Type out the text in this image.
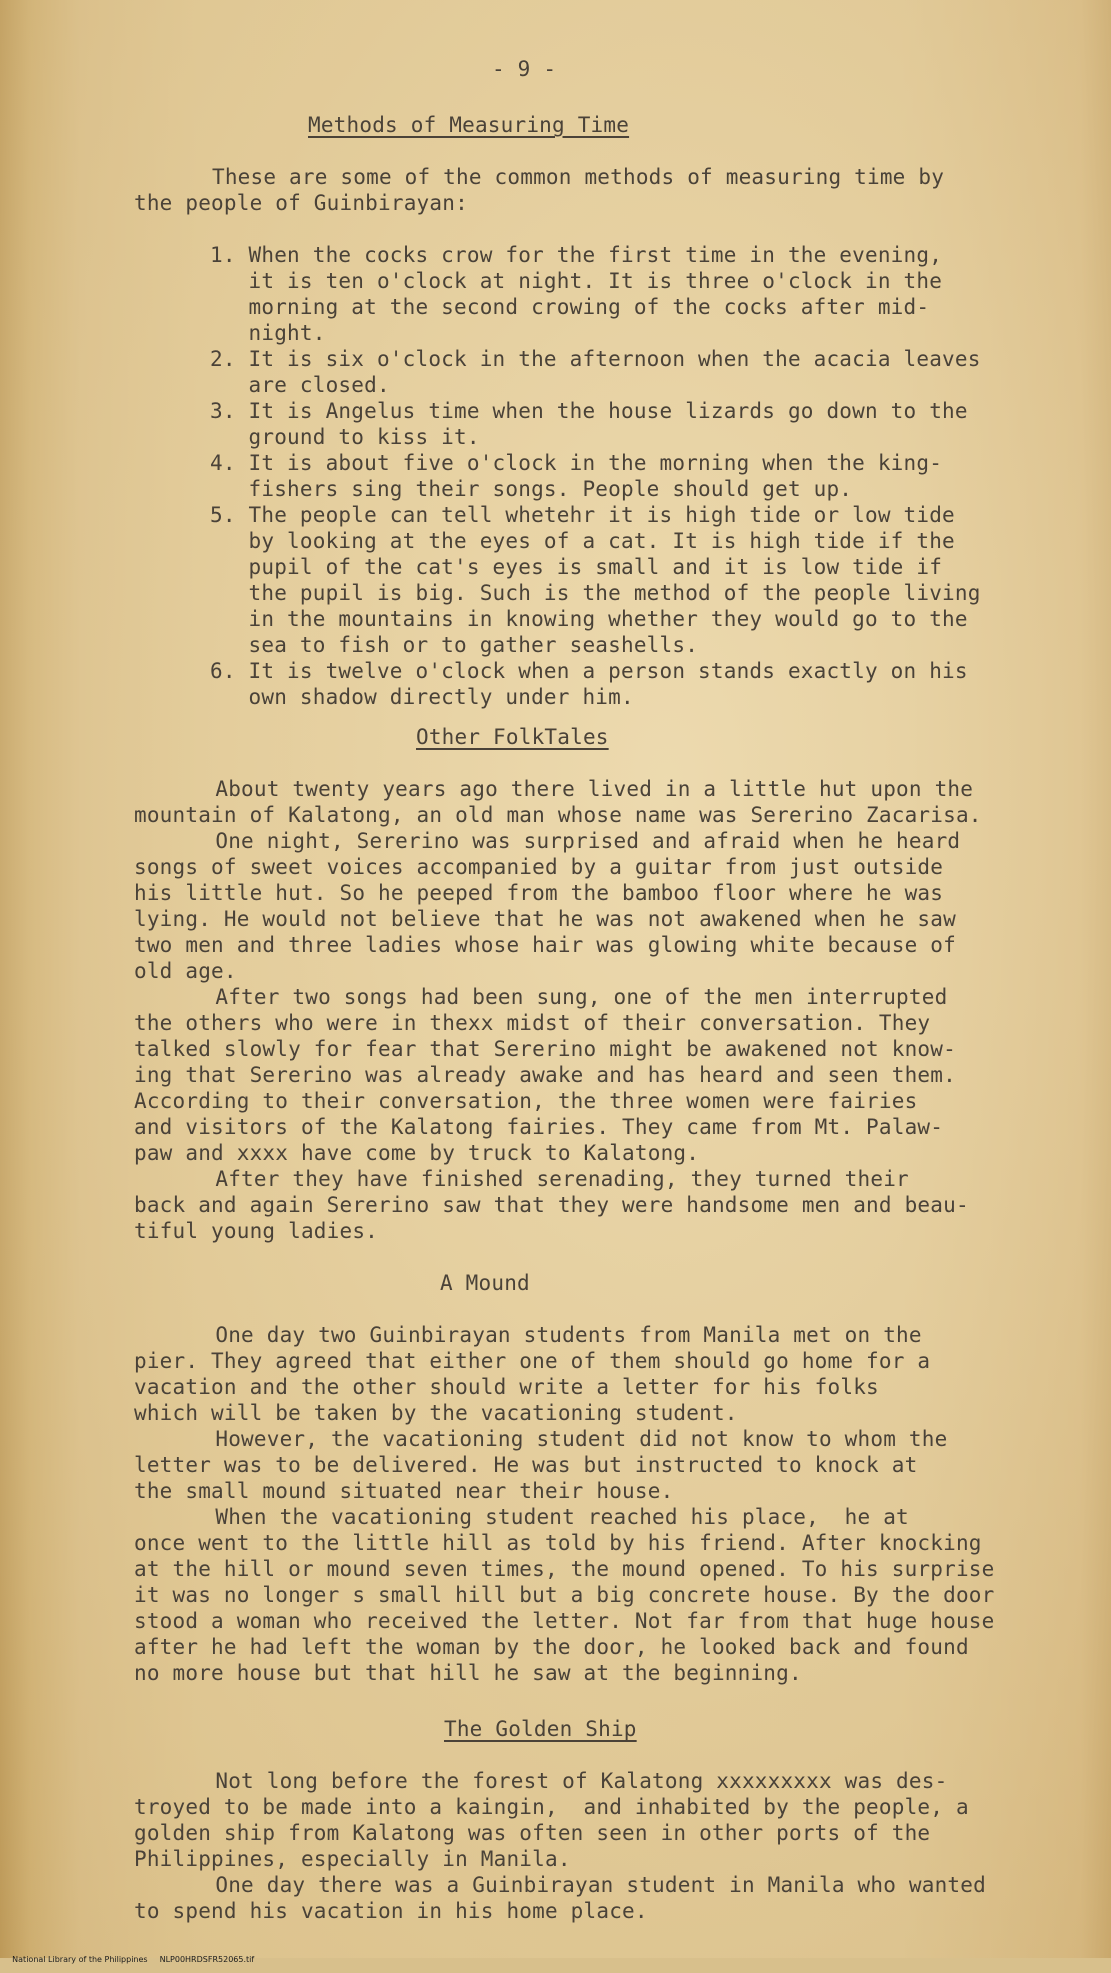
- 9 -
Methods of Measuring Time
These are some of the common methods of measuring time by
the people of Guinbirayan:
1. When the cocks crow for the first time in the evening,
it is ten o'clock at night. It is three o'clock in the
morning at the second crowing of the cocks after mid-
night.
2. It is six o'clock in the afternoon when the acacia leaves
are closed.
3. It is Angelus time when the house lizards go down to the
ground to kiss it.
4. It is about five o'clock in the morning when the king-
fishers sing their songs. People should get up.
5. The people can tell whetehr it is high tide or low tide
by looking at the eyes of a cat. It is high tide if the
pupil of the cat's eyes is small and it is low tide if
the pupil is big. Such is the method of the people living
in the mountains in knowing whether they would go to the
sea to fish or to gather seashells.
6. It is twelve o'clock when a person stands exactly on his
own shadow directly under him.
Other FolkTales
About twenty years ago there lived in a little hut upon the
mountain of Kalatong, an old man whose name was Sererino Zacarisa.
One night, Sererino was surprised and afraid when he heard
songs of sweet voices accompanied by a guitar from just outside
his little hut. So he peeped from the bamboo floor where he was
lying. He would not believe that he was not awakened when he saw
two men and three ladies whose hair was glowing white because of
old age.
After two songs had been sung, one of the men interrupted
the others who were in thexx midst of their conversation. They
talked slowly for fear that Sererino might be awakened not know-
ing that Sererino was already awake and has heard and seen them.
According to their conversation, the three women were fairies
and visitors of the Kalatong fairies. They came from Mt. Palaw-
paw and xxxx have come by truck to Kalatong.
After they have finished serenading, they turned their
back and again Sererino saw that they were handsome men and beau-
tiful young ladies.
A Mound
One day two Guinbirayan students from Manila met on the
pier. They agreed that either one of them should go home for a
vacation and the other should write a letter for his folks
which will be taken by the vacationing student.
However, the vacationing student did not know to whom the
letter was to be delivered. He was but instructed to knock at
the small mound situated near their house.
When the vacationing student reached his place,  he at
once went to the little hill as told by his friend. After knocking
at the hill or mound seven times, the mound opened. To his surprise
it was no longer s small hill but a big concrete house. By the door
stood a woman who received the letter. Not far from that huge house
after he had left the woman by the door, he looked back and found
no more house but that hill he saw at the beginning.
The Golden Ship
Not long before the forest of Kalatong xxxxxxxxx was des-
troyed to be made into a kaingin,  and inhabited by the people, a
golden ship from Kalatong was often seen in other ports of the
Philippines, especially in Manila.
One day there was a Guinbirayan student in Manila who wanted
to spend his vacation in his home place.

National Library of the Philippines NLP00HRDSFR52065.tif
